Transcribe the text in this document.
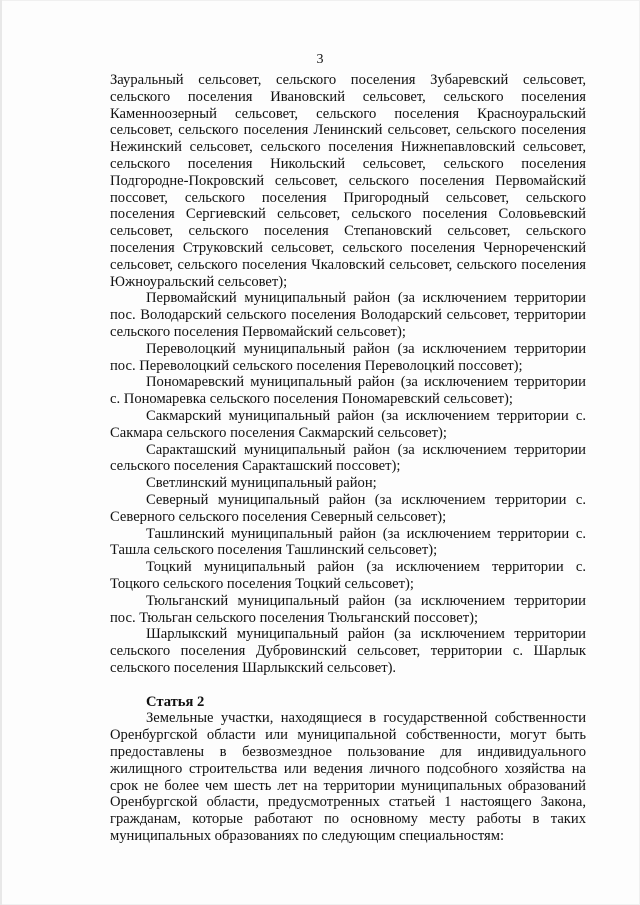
3

Зауральный сельсовет, сельского поселения Зубаревский сельсовет, сельского поселения Ивановский сельсовет, сельского поселения Каменноозерный сельсовет, сельского поселения Красноуральский сельсовет, сельского поселения Ленинский сельсовет, сельского поселения Нежинский сельсовет, сельского поселения Нижнепавловский сельсовет, сельского поселения Никольский сельсовет, сельского поселения Подгородне-Покровский сельсовет, сельского поселения Первомайский поссовет, сельского поселения Пригородный сельсовет, сельского поселения Сергиевский сельсовет, сельского поселения Соловьевский сельсовет, сельского поселения Степановский сельсовет, сельского поселения Струковский сельсовет, сельского поселения Чернореченский сельсовет, сельского поселения Чкаловский сельсовет, сельского поселения Южноуральский сельсовет);

Первомайский муниципальный район (за исключением территории пос. Володарский сельского поселения Володарский сельсовет, территории сельского поселения Первомайский сельсовет);

Переволоцкий муниципальный район (за исключением территории пос. Переволоцкий сельского поселения Переволоцкий поссовет);

Пономаревский муниципальный район (за исключением территории с. Пономаревка сельского поселения Пономаревский сельсовет);

Сакмарский муниципальный район (за исключением территории с. Сакмара сельского поселения Сакмарский сельсовет);

Саракташский муниципальный район (за исключением территории сельского поселения Саракташский поссовет);

Светлинский муниципальный район;

Северный муниципальный район (за исключением территории с. Северного сельского поселения Северный сельсовет);

Ташлинский муниципальный район (за исключением территории с. Ташла сельского поселения Ташлинский сельсовет);

Тоцкий муниципальный район (за исключением территории с. Тоцкого сельского поселения Тоцкий сельсовет);

Тюльганский муниципальный район (за исключением территории пос. Тюльган сельского поселения Тюльганский поссовет);

Шарлыкский муниципальный район (за исключением территории сельского поселения Дубровинский сельсовет, территории с. Шарлык сельского поселения Шарлыкский сельсовет).

Статья 2

Земельные участки, находящиеся в государственной собственности Оренбургской области или муниципальной собственности, могут быть предоставлены в безвозмездное пользование для индивидуального жилищного строительства или ведения личного подсобного хозяйства на срок не более чем шесть лет на территории муниципальных образований Оренбургской области, предусмотренных статьей 1 настоящего Закона, гражданам, которые работают по основному месту работы в таких муниципальных образованиях по следующим специальностям:
